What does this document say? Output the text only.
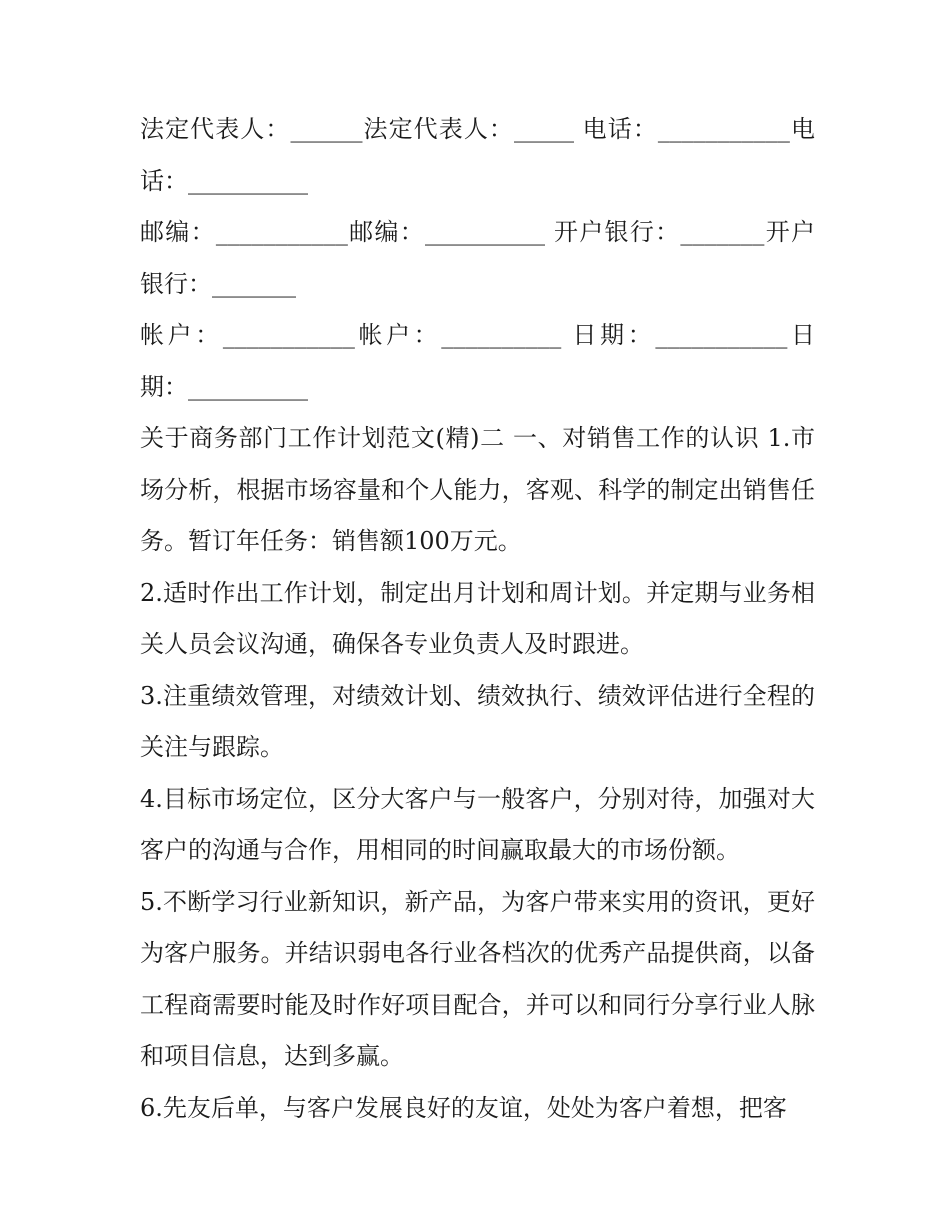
法定代表人：______法定代表人：_____ 电话：___________电话：__________

邮编：___________邮编：__________ 开户银行：_______开户银行：_______

帐户：___________帐户：__________ 日期：___________日期：__________

关于商务部门工作计划范文(精)二 一、对销售工作的认识 1.市场分析，根据市场容量和个人能力，客观、科学的制定出销售任务。暂订年任务：销售额100万元。

2.适时作出工作计划，制定出月计划和周计划。并定期与业务相关人员会议沟通，确保各专业负责人及时跟进。

3.注重绩效管理，对绩效计划、绩效执行、绩效评估进行全程的关注与跟踪。

4.目标市场定位，区分大客户与一般客户，分别对待，加强对大客户的沟通与合作，用相同的时间赢取最大的市场份额。

5.不断学习行业新知识，新产品，为客户带来实用的资讯，更好为客户服务。并结识弱电各行业各档次的优秀产品提供商，以备工程商需要时能及时作好项目配合，并可以和同行分享行业人脉和项目信息，达到多赢。

6.先友后单，与客户发展良好的友谊，处处为客户着想，把客
